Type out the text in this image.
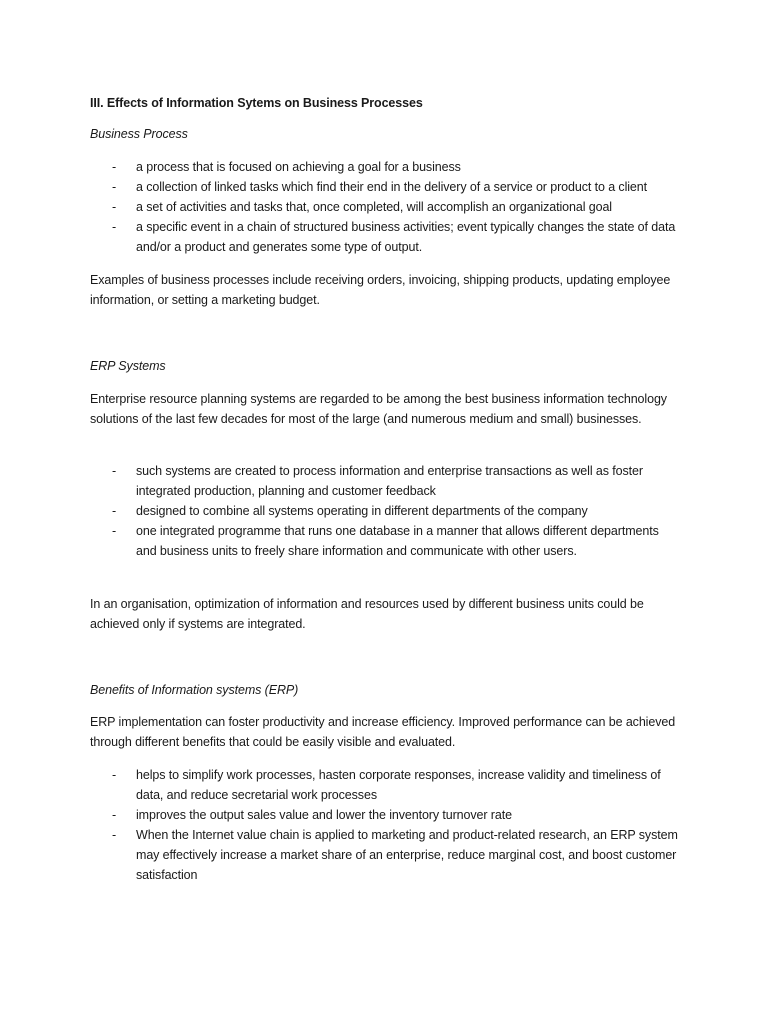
III. Effects of Information Sytems on Business Processes
Business Process
- a process that is focused on achieving a goal for a business
- a collection of linked tasks which find their end in the delivery of a service or product to a client
- a set of activities and tasks that, once completed, will accomplish an organizational goal
- a specific event in a chain of structured business activities; event typically changes the state of data and/or a product and generates some type of output.
Examples of business processes include receiving orders, invoicing, shipping products, updating employee information, or setting a marketing budget.
ERP Systems
Enterprise resource planning systems are regarded to be among the best business information technology solutions of the last few decades for most of the large (and numerous medium and small) businesses.
- such systems are created to process information and enterprise transactions as well as foster integrated production, planning and customer feedback
- designed to combine all systems operating in different departments of the company
- one integrated programme that runs one database in a manner that allows different departments and business units to freely share information and communicate with other users.
In an organisation, optimization of information and resources used by different business units could be achieved only if systems are integrated.
Benefits of Information systems (ERP)
ERP implementation can foster productivity and increase efficiency. Improved performance can be achieved through different benefits that could be easily visible and evaluated.
- helps to simplify work processes, hasten corporate responses, increase validity and timeliness of data, and reduce secretarial work processes
- improves the output sales value and lower the inventory turnover rate
- When the Internet value chain is applied to marketing and product-related research, an ERP system may effectively increase a market share of an enterprise, reduce marginal cost, and boost customer satisfaction
